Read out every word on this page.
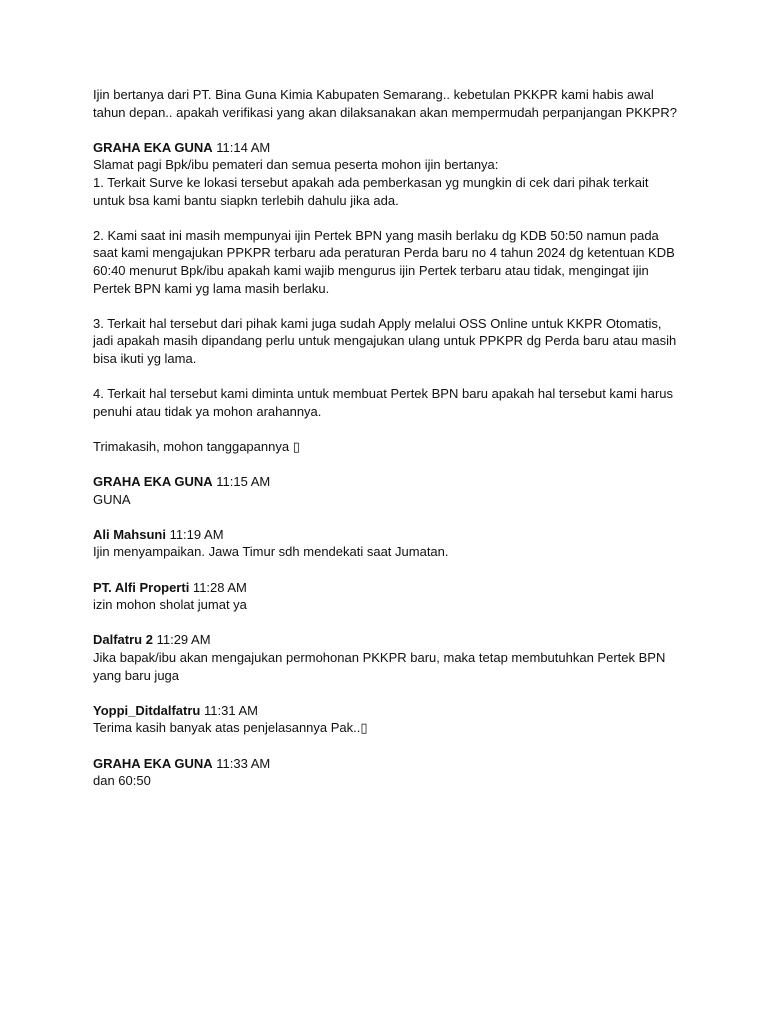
Ijin bertanya dari PT. Bina Guna Kimia Kabupaten Semarang.. kebetulan PKKPR kami habis awal tahun depan.. apakah verifikasi yang akan dilaksanakan akan mempermudah perpanjangan PKKPR?
GRAHA EKA GUNA 11:14 AM
Slamat pagi Bpk/ibu pemateri dan semua peserta mohon ijin bertanya:
1. Terkait Surve ke lokasi tersebut apakah ada pemberkasan yg mungkin di cek dari pihak terkait untuk bsa kami bantu siapkn terlebih dahulu jika ada.
2. Kami saat ini masih mempunyai ijin Pertek BPN yang masih berlaku dg KDB 50:50 namun pada saat kami mengajukan PPKPR terbaru ada peraturan Perda baru no 4 tahun 2024 dg ketentuan KDB 60:40 menurut Bpk/ibu apakah kami wajib mengurus ijin Pertek terbaru atau tidak, mengingat ijin Pertek BPN kami yg lama masih berlaku.
3. Terkait hal tersebut dari pihak kami juga sudah Apply melalui OSS Online untuk KKPR Otomatis, jadi apakah masih dipandang perlu untuk mengajukan ulang untuk PPKPR dg Perda baru atau masih bisa ikuti yg lama.
4. Terkait hal tersebut kami diminta untuk membuat Pertek BPN baru apakah hal tersebut kami harus penuhi atau tidak ya mohon arahannya.
Trimakasih, mohon tanggapannya ▯
GRAHA EKA GUNA 11:15 AM
GUNA
Ali Mahsuni 11:19 AM
Ijin menyampaikan. Jawa Timur sdh mendekati saat Jumatan.
PT. Alfi Properti 11:28 AM
izin mohon sholat jumat ya
Dalfatru 2 11:29 AM
Jika bapak/ibu akan mengajukan permohonan PKKPR baru, maka tetap membutuhkan Pertek BPN yang baru juga
Yoppi_Ditdalfatru 11:31 AM
Terima kasih banyak atas penjelasannya Pak..▯
GRAHA EKA GUNA 11:33 AM
dan 60:50
